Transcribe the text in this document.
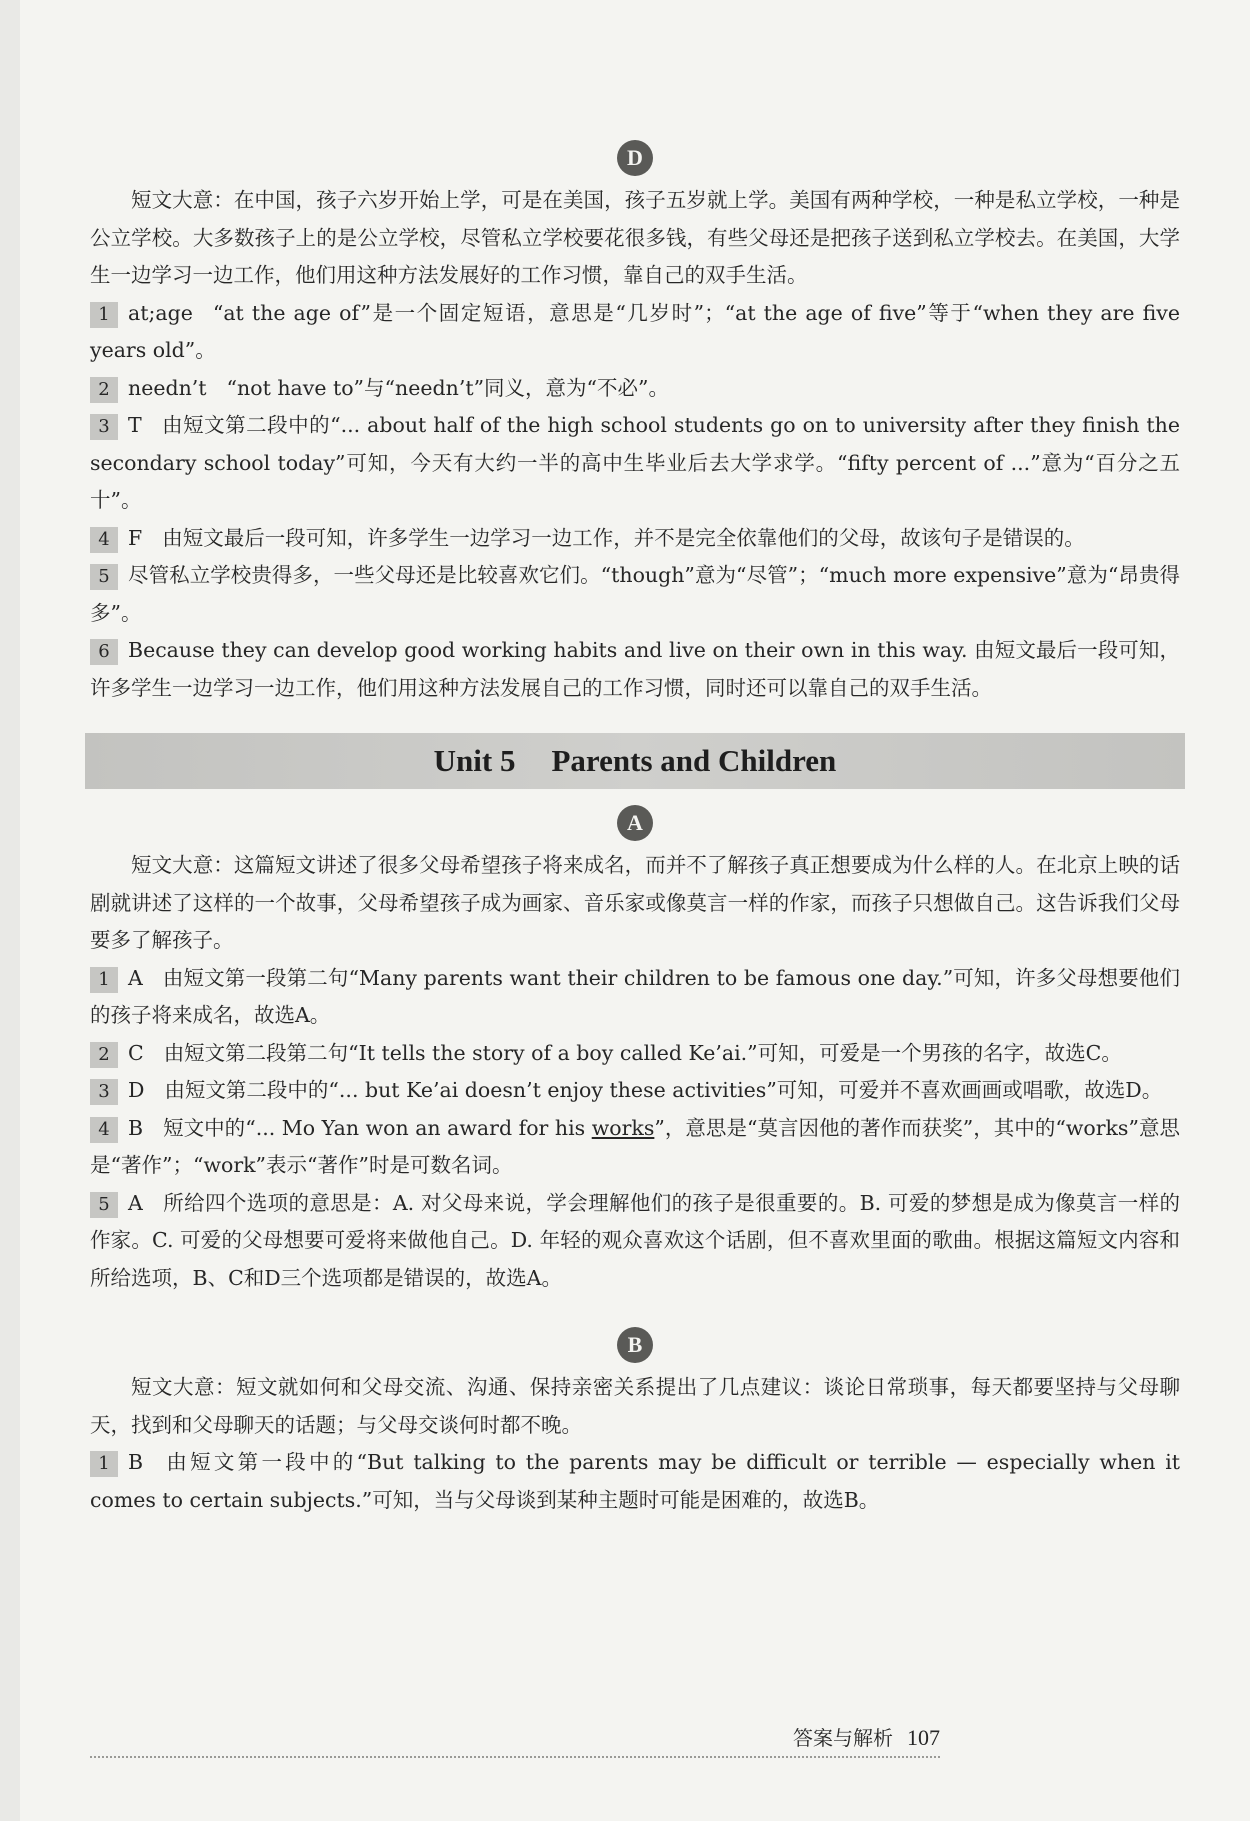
D

短文大意：在中国，孩子六岁开始上学，可是在美国，孩子五岁就上学。美国有两种学校，一种是私立学校，一种是公立学校。大多数孩子上的是公立学校，尽管私立学校要花很多钱，有些父母还是把孩子送到私立学校去。在美国，大学生一边学习一边工作，他们用这种方法发展好的工作习惯，靠自己的双手生活。

1 at;age “at the age of”是一个固定短语，意思是“几岁时”；“at the age of five”等于“when they are five years old”。

2 needn’t “not have to”与“needn’t”同义，意为“不必”。

3 T 由短文第二段中的“... about half of the high school students go on to university after they finish the secondary school today”可知，今天有大约一半的高中生毕业后去大学求学。“fifty percent of ...”意为“百分之五十”。

4 F 由短文最后一段可知，许多学生一边学习一边工作，并不是完全依靠他们的父母，故该句子是错误的。

5 尽管私立学校贵得多，一些父母还是比较喜欢它们。“though”意为“尽管”；“much more expensive”意为“昂贵得多”。

6 Because they can develop good working habits and live on their own in this way. 由短文最后一段可知，许多学生一边学习一边工作，他们用这种方法发展自己的工作习惯，同时还可以靠自己的双手生活。

Unit 5 Parents and Children
A

短文大意：这篇短文讲述了很多父母希望孩子将来成名，而并不了解孩子真正想要成为什么样的人。在北京上映的话剧就讲述了这样的一个故事，父母希望孩子成为画家、音乐家或像莫言一样的作家，而孩子只想做自己。这告诉我们父母要多了解孩子。

1 A 由短文第一段第二句“Many parents want their children to be famous one day.”可知，许多父母想要他们的孩子将来成名，故选A。

2 C 由短文第二段第二句“It tells the story of a boy called Ke’ai.”可知，可爱是一个男孩的名字，故选C。

3 D 由短文第二段中的“... but Ke’ai doesn’t enjoy these activities”可知，可爱并不喜欢画画或唱歌，故选D。

4 B 短文中的“... Mo Yan won an award for his works”，意思是“莫言因他的著作而获奖”，其中的“works”意思是“著作”；“work”表示“著作”时是可数名词。

5 A 所给四个选项的意思是：A. 对父母来说，学会理解他们的孩子是很重要的。B. 可爱的梦想是成为像莫言一样的作家。C. 可爱的父母想要可爱将来做他自己。D. 年轻的观众喜欢这个话剧，但不喜欢里面的歌曲。根据这篇短文内容和所给选项，B、C和D三个选项都是错误的，故选A。

B

短文大意：短文就如何和父母交流、沟通、保持亲密关系提出了几点建议：谈论日常琐事，每天都要坚持与父母聊天，找到和父母聊天的话题；与父母交谈何时都不晚。

1 B 由短文第一段中的“But talking to the parents may be difficult or terrible — especially when it comes to certain subjects.”可知，当与父母谈到某种主题时可能是困难的，故选B。

答案与解析 107
